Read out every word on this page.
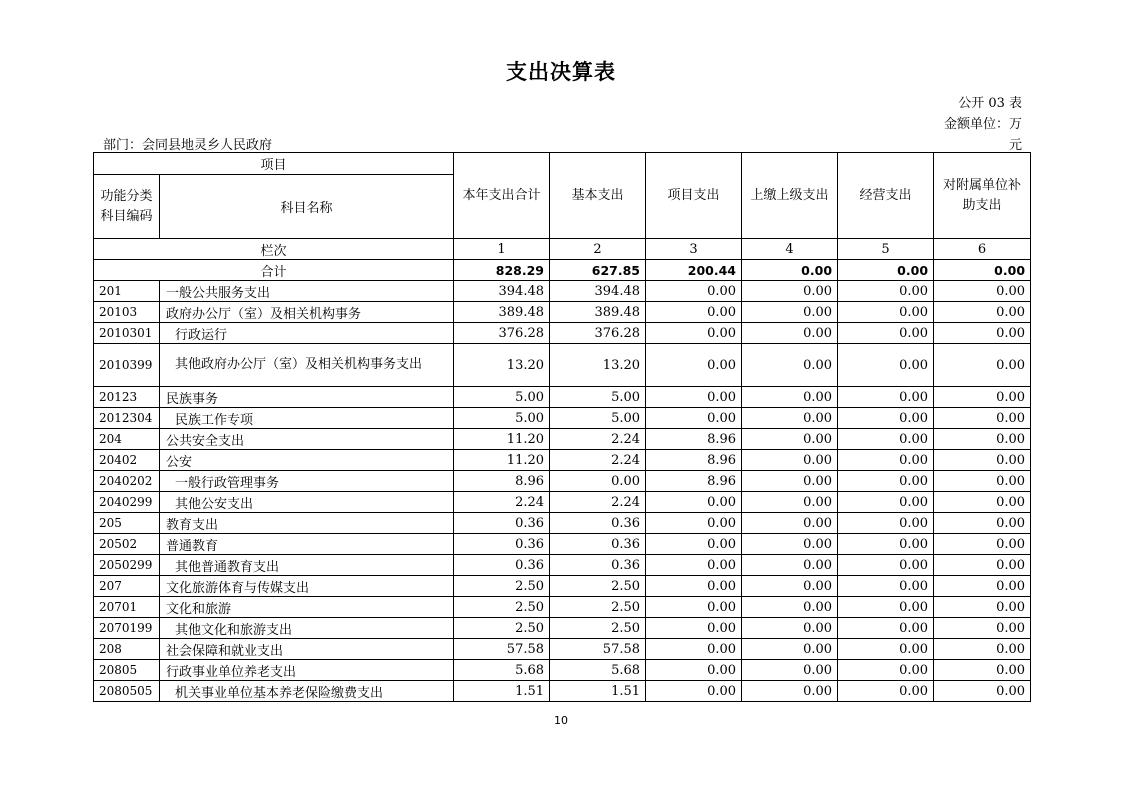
支出决算表
公开 03 表
金额单位：万
元
部门：会同县地灵乡人民政府
项目		本年支出合计	基本支出	项目支出	上缴上级支出	经营支出	对附属单位补助支出
功能分类科目编码	科目名称						
栏次		1	2	3	4	5	6
合计		828.29	627.85	200.44	0.00	0.00	0.00
201	一般公共服务支出	394.48	394.48	0.00	0.00	0.00	0.00
20103	政府办公厅（室）及相关机构事务	389.48	389.48	0.00	0.00	0.00	0.00
2010301	行政运行	376.28	376.28	0.00	0.00	0.00	0.00
2010399	其他政府办公厅（室）及相关机构事务支出	13.20	13.20	0.00	0.00	0.00	0.00
20123	民族事务	5.00	5.00	0.00	0.00	0.00	0.00
2012304	民族工作专项	5.00	5.00	0.00	0.00	0.00	0.00
204	公共安全支出	11.20	2.24	8.96	0.00	0.00	0.00
20402	公安	11.20	2.24	8.96	0.00	0.00	0.00
2040202	一般行政管理事务	8.96	0.00	8.96	0.00	0.00	0.00
2040299	其他公安支出	2.24	2.24	0.00	0.00	0.00	0.00
205	教育支出	0.36	0.36	0.00	0.00	0.00	0.00
20502	普通教育	0.36	0.36	0.00	0.00	0.00	0.00
2050299	其他普通教育支出	0.36	0.36	0.00	0.00	0.00	0.00
207	文化旅游体育与传媒支出	2.50	2.50	0.00	0.00	0.00	0.00
20701	文化和旅游	2.50	2.50	0.00	0.00	0.00	0.00
2070199	其他文化和旅游支出	2.50	2.50	0.00	0.00	0.00	0.00
208	社会保障和就业支出	57.58	57.58	0.00	0.00	0.00	0.00
20805	行政事业单位养老支出	5.68	5.68	0.00	0.00	0.00	0.00
2080505	机关事业单位基本养老保险缴费支出	1.51	1.51	0.00	0.00	0.00	0.00
10
